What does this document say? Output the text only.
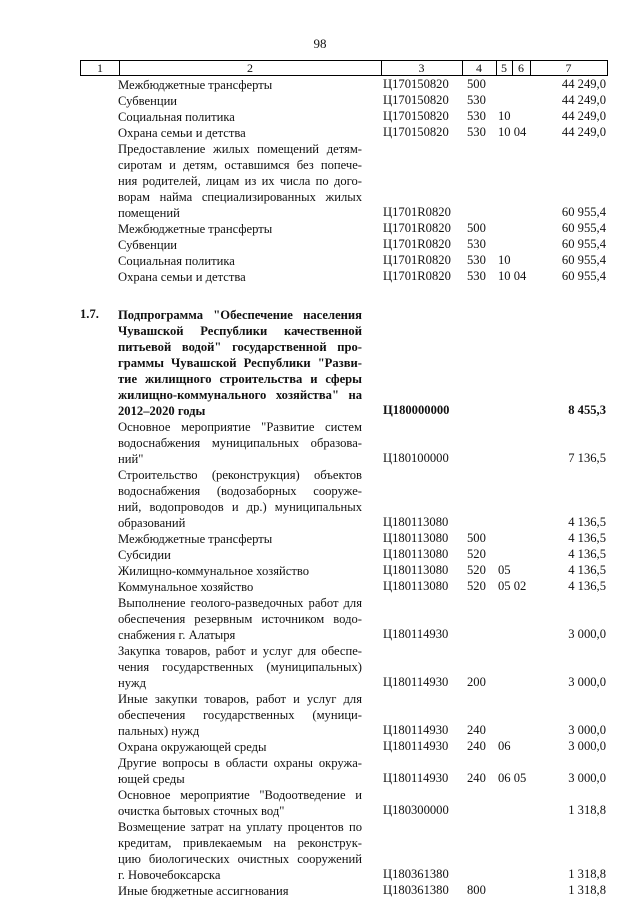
98
1	2	3	4	5 6	7
Межбюджетные трансферты	Ц170150820 500	44 249,0
Субвенции	Ц170150820 530	44 249,0
Социальная политика	Ц170150820 530 10	44 249,0
Охрана семьи и детства	Ц170150820 530 10 04	44 249,0
Предоставление жилых помещений детям-
сиротам и детям, оставшимся без попече-
ния родителей, лицам из их числа по дого-
ворам найма специализированных жилых
помещений	Ц1701R0820	60 955,4
Межбюджетные трансферты	Ц1701R0820 500	60 955,4
Субвенции	Ц1701R0820 530	60 955,4
Социальная политика	Ц1701R0820 530 10	60 955,4
Охрана семьи и детства	Ц1701R0820 530 10 04	60 955,4
1.7. Подпрограмма "Обеспечение населения
Чувашской Республики качественной
питьевой водой" государственной про-
граммы Чувашской Республики "Разви-
тие жилищного строительства и сферы
жилищно-коммунального хозяйства" на
2012–2020 годы	Ц180000000	8 455,3
Основное мероприятие "Развитие систем
водоснабжения муниципальных образова-
ний"	Ц180100000	7 136,5
Строительство (реконструкция) объектов
водоснабжения (водозаборных сооруже-
ний, водопроводов и др.) муниципальных
образований	Ц180113080	4 136,5
Межбюджетные трансферты	Ц180113080 500	4 136,5
Субсидии	Ц180113080 520	4 136,5
Жилищно-коммунальное хозяйство	Ц180113080 520 05	4 136,5
Коммунальное хозяйство	Ц180113080 520 05 02	4 136,5
Выполнение геолого-разведочных работ для
обеспечения резервным источником водо-
снабжения г. Алатыря	Ц180114930	3 000,0
Закупка товаров, работ и услуг для обеспе-
чения государственных (муниципальных)
нужд	Ц180114930 200	3 000,0
Иные закупки товаров, работ и услуг для
обеспечения государственных (муници-
пальных) нужд	Ц180114930 240	3 000,0
Охрана окружающей среды	Ц180114930 240 06	3 000,0
Другие вопросы в области охраны окружа-
ющей среды	Ц180114930 240 06 05	3 000,0
Основное мероприятие "Водоотведение и
очистка бытовых сточных вод"	Ц180300000	1 318,8
Возмещение затрат на уплату процентов по
кредитам, привлекаемым на реконструк-
цию биологических очистных сооружений
г. Новочебоксарска	Ц180361380	1 318,8
Иные бюджетные ассигнования	Ц180361380 800	1 318,8
